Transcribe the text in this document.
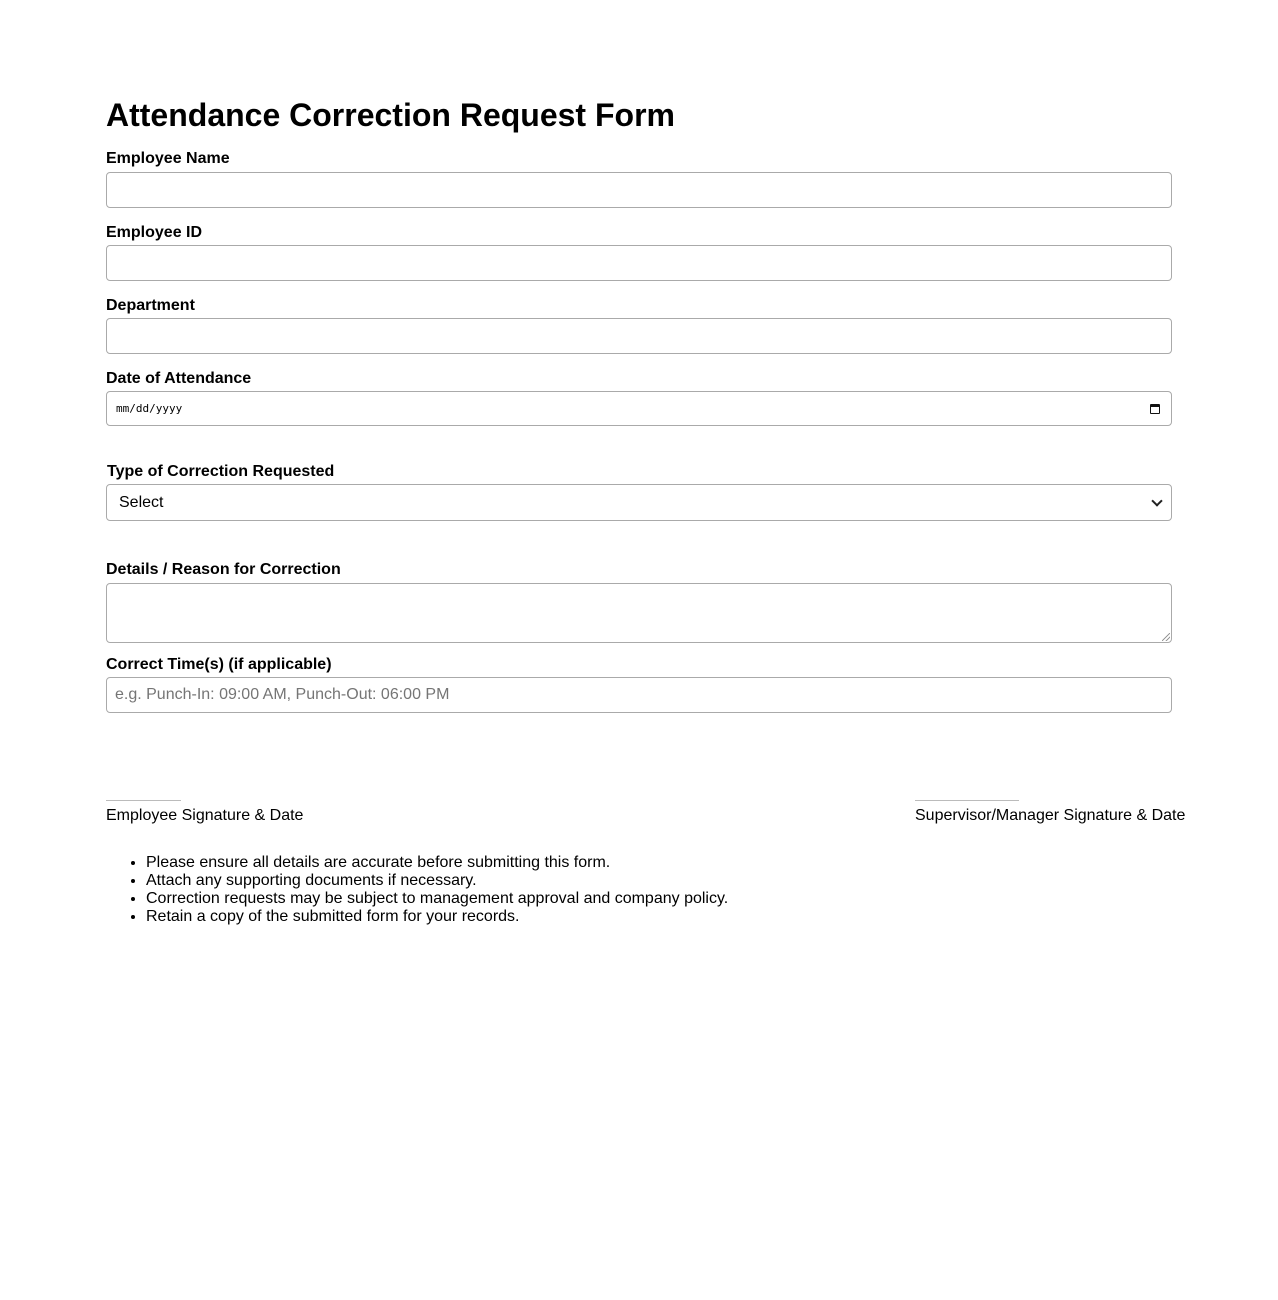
Attendance Correction Request Form
Employee Name
Employee ID
Department
Date of Attendance
mm/dd/yyyy
Type of Correction Requested
Select
Details / Reason for Correction
Correct Time(s) (if applicable)
e.g. Punch-In: 09:00 AM, Punch-Out: 06:00 PM
Employee Signature & Date	Supervisor/Manager Signature & Date
• Please ensure all details are accurate before submitting this form.
• Attach any supporting documents if necessary.
• Correction requests may be subject to management approval and company policy.
• Retain a copy of the submitted form for your records.
